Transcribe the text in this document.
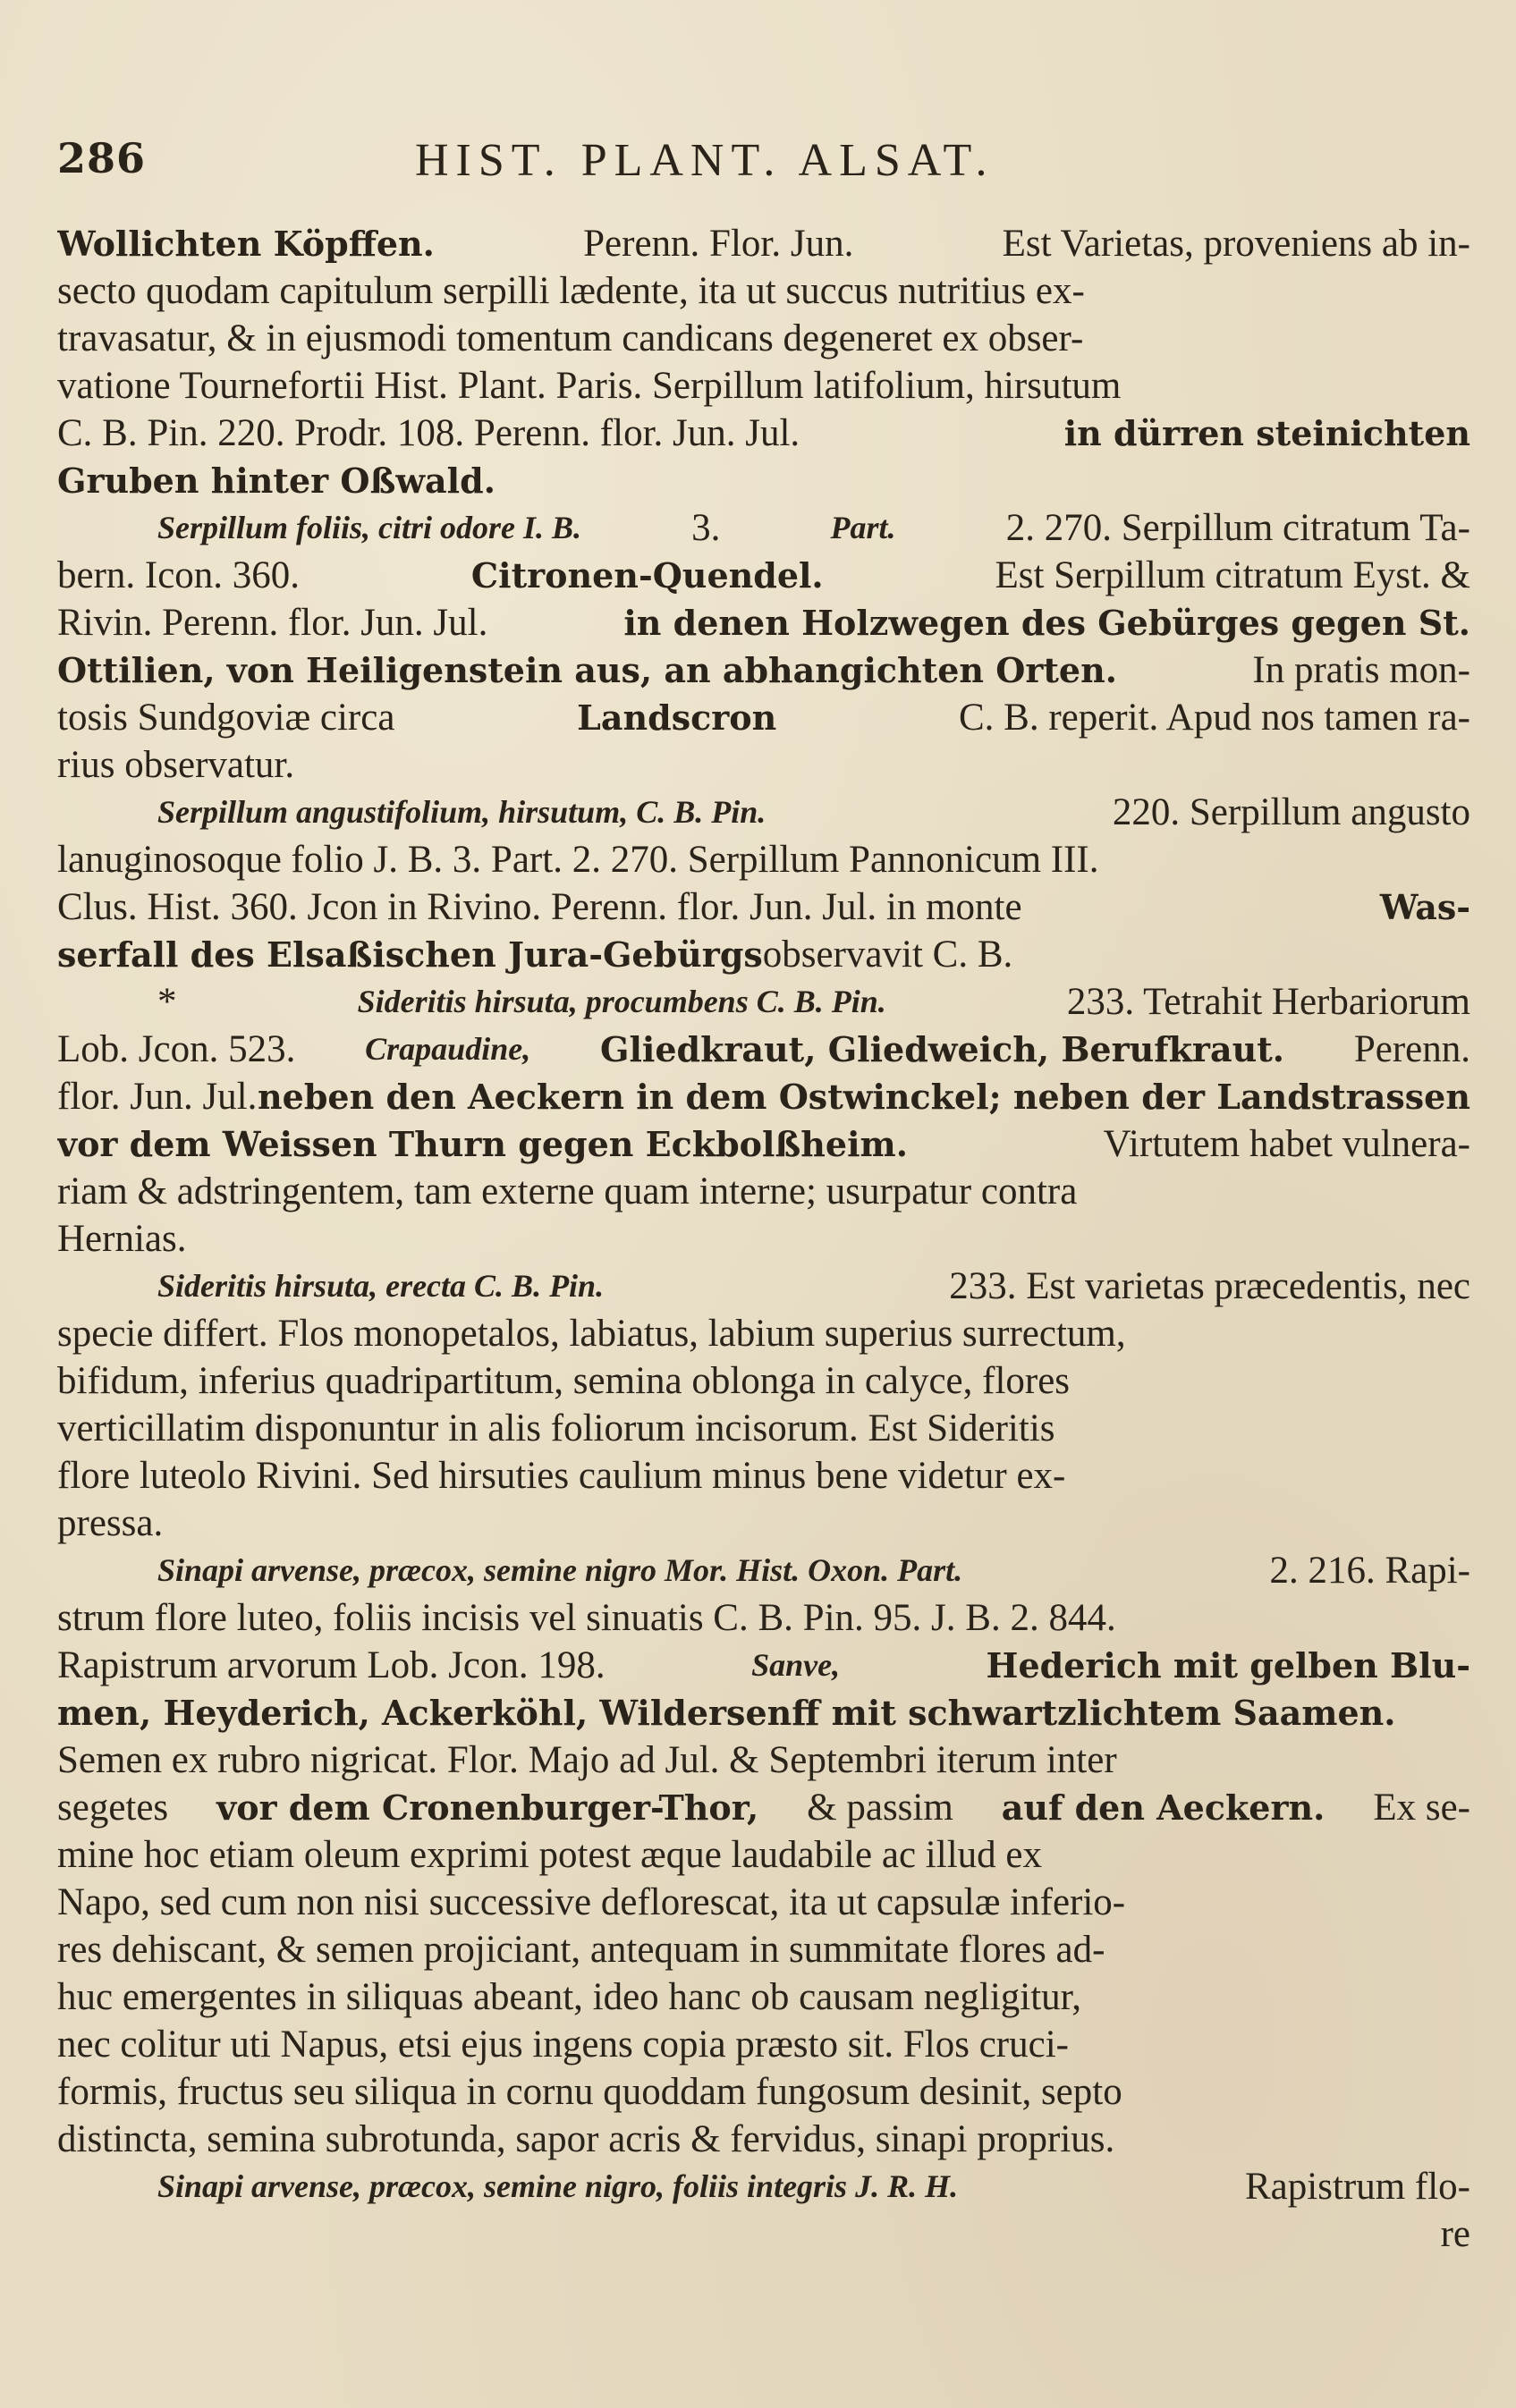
286	HIST. PLANT. ALSAT.
Wollichten Köpffen.	Perenn. Flor. Jun.	Est Varietas, proveniens ab in-
secto quodam capitulum serpilli lædente, ita ut succus nutritius ex-
travasatur, & in ejusmodi tomentum candicans degeneret ex obser-
vatione Tournefortii Hist. Plant. Paris. Serpillum latifolium, hirsutum
C. B. Pin. 220. Prodr. 108. Perenn. flor. Jun. Jul.	in dürren steinichten
Gruben hinter Oßwald.
Serpillum foliis, citri odore I. B.	3.	Part.	2. 270. Serpillum citratum Ta-
bern. Icon. 360.	Citronen-Quendel.	Est Serpillum citratum Eyst. &
Rivin. Perenn. flor. Jun. Jul.	in denen Holzwegen des Gebürges gegen St.
Ottilien, von Heiligenstein aus, an abhangichten Orten.	In pratis mon-
tosis Sundgoviæ circa	Landscron	C. B. reperit. Apud nos tamen ra-
rius observatur.
Serpillum angustifolium, hirsutum, C. B. Pin.	220. Serpillum angusto
lanuginosoque folio J. B. 3. Part. 2. 270. Serpillum Pannonicum III.
Clus. Hist. 360. Jcon in Rivino. Perenn. flor. Jun. Jul. in monte	Was-
serfall des Elsaßischen Jura-Gebürgs observavit C. B.
*	Sideritis hirsuta, procumbens C. B. Pin.	233. Tetrahit Herbariorum
Lob. Jcon. 523. Crapaudine, Gliedkraut, Gliedweich, Berufkraut. Perenn.
flor. Jun. Jul. neben den Aeckern in dem Ostwinckel; neben der Landstrassen
vor dem Weissen Thurn gegen Eckbolßheim.	Virtutem habet vulnera-
riam & adstringentem, tam externe quam interne; usurpatur contra
Hernias.
Sideritis hirsuta, erecta C. B. Pin.	233. Est varietas præcedentis, nec
specie differt. Flos monopetalos, labiatus, labium superius surrectum,
bifidum, inferius quadripartitum, semina oblonga in calyce, flores
verticillatim disponuntur in alis foliorum incisorum. Est Sideritis
flore luteolo Rivini. Sed hirsuties caulium minus bene videtur ex-
pressa.
Sinapi arvense, præcox, semine nigro Mor. Hist. Oxon. Part.	2. 216. Rapi-
strum flore luteo, foliis incisis vel sinuatis C. B. Pin. 95. J. B. 2. 844.
Rapistrum arvorum Lob. Jcon. 198.	Sanve,	Hederich mit gelben Blu-
men, Heyderich, Ackerköhl, Wildersenff mit schwartzlichtem Saamen.
Semen ex rubro nigricat. Flor. Majo ad Jul. & Septembri iterum inter
segetes vor dem Cronenburger-Thor, & passim auf den Aeckern. Ex se-
mine hoc etiam oleum exprimi potest æque laudabile ac illud ex
Napo, sed cum non nisi successive deflorescat, ita ut capsulæ inferio-
res dehiscant, & semen projiciant, antequam in summitate flores ad-
huc emergentes in siliquas abeant, ideo hanc ob causam negligitur,
nec colitur uti Napus, etsi ejus ingens copia præsto sit. Flos cruci-
formis, fructus seu siliqua in cornu quoddam fungosum desinit, septo
distincta, semina subrotunda, sapor acris & fervidus, sinapi proprius.
Sinapi arvense, præcox, semine nigro, foliis integris J. R. H.	Rapistrum flo-
re
